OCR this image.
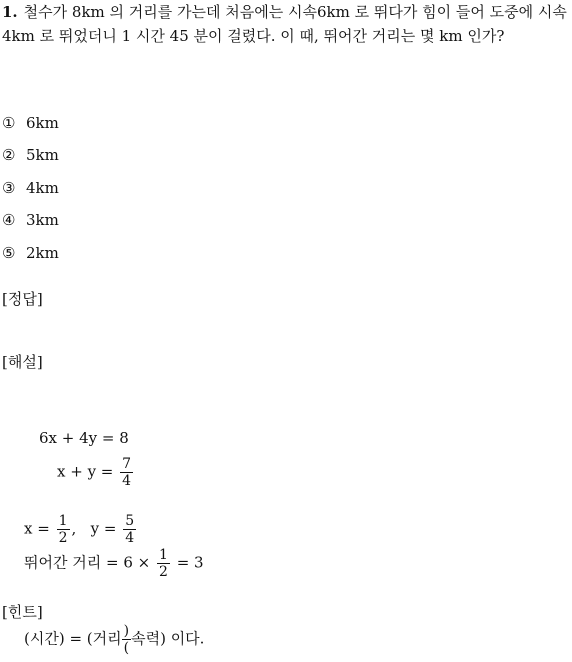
1. 철수가 8km 의 거리를 가는데 처음에는 시속6km 로 뛰다가 힘이 들어 도중에 시속 4km 로 뛰었더니 1 시간 45 분이 걸렸다. 이 때, 뛰어간 거리는 몇 km 인가?
① 6km
② 5km
③ 4km
④ 3km
⑤ 2km
[정답]
[해설]
6x + 4y = 8
$x + y = \frac{7}{4}$
$x = \frac{1}{2}$ ,   $y = \frac{5}{4}$
뛰어간 거리 = $6 \times \frac{1}{2} = 3$
[힌트]
(시간) = (거리 $\frac{)}{(}$ 속력) 이다.
